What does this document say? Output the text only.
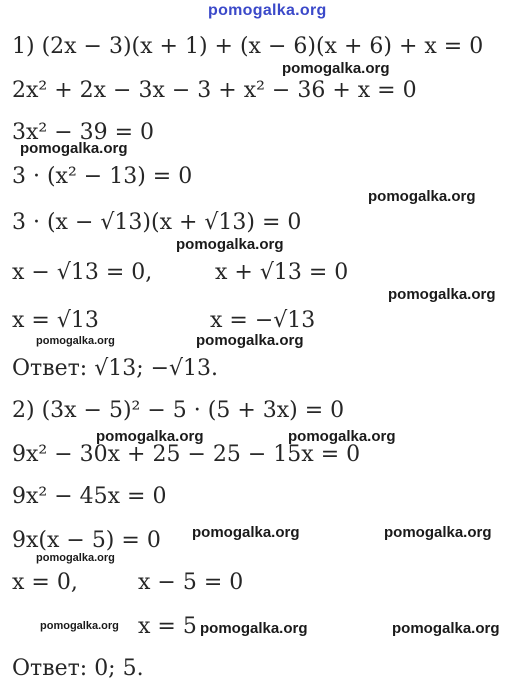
pomogalka.org
1) (2x − 3)(x + 1) + (x − 6)(x + 6) + x = 0
2x² + 2x − 3x − 3 + x² − 36 + x = 0
3x² − 39 = 0
3 · (x² − 13) = 0
3 · (x − √13)(x + √13) = 0
x − √13 = 0,	x + √13 = 0
x = √13	x = −√13
Ответ: √13; −√13.
2) (3x − 5)² − 5 · (5 + 3x) = 0
9x² − 30x + 25 − 25 − 15x = 0
9x² − 45x = 0
9x(x − 5) = 0
x = 0,	x − 5 = 0
x = 5
Ответ: 0; 5.
pomogalka.org
pomogalka.org
pomogalka.org
pomogalka.org
pomogalka.org
pomogalka.org	pomogalka.org
pomogalka.org	pomogalka.org
pomogalka.org	pomogalka.org
pomogalka.org
pomogalka.org	pomogalka.org	pomogalka.org
